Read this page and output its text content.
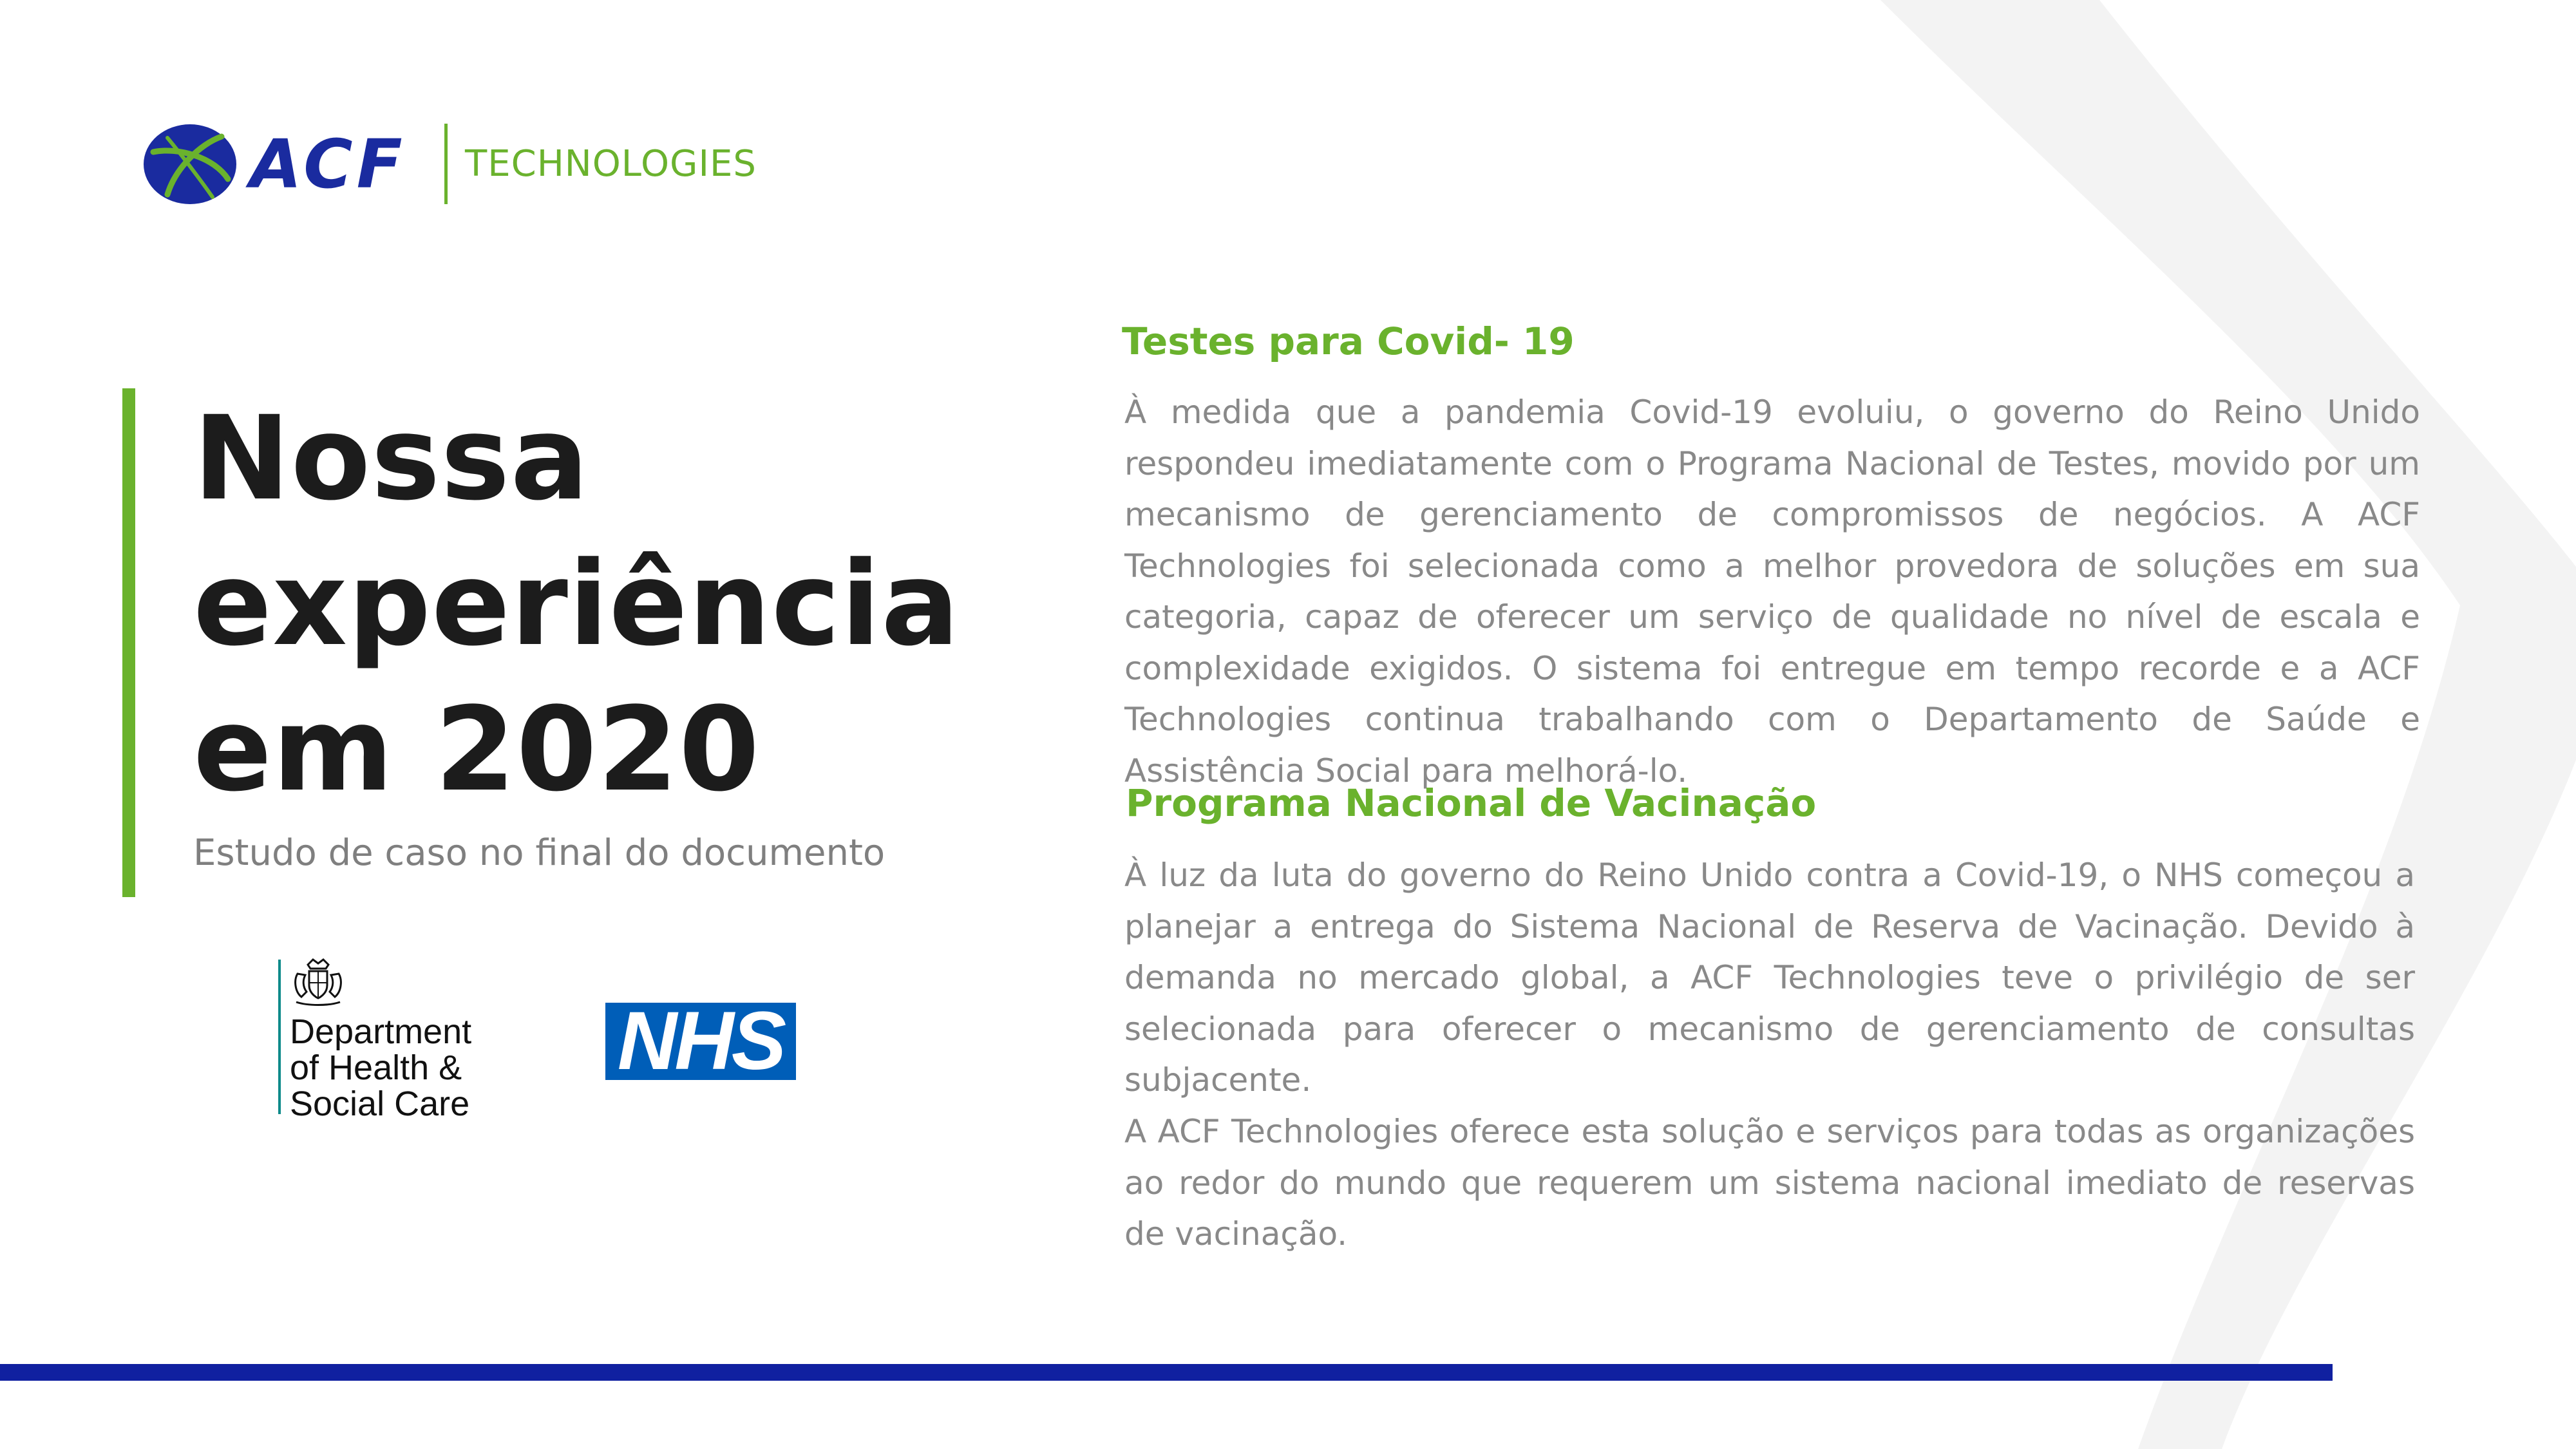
ACF TECHNOLOGIES
Nossa
experiência
em 2020
Estudo de caso no final do documento
Department
of Health &
Social Care
NHS
Testes para Covid- 19

À medida que a pandemia Covid-19 evoluiu, o governo do Reino Unido respondeu imediatamente com o Programa Nacional de Testes, movido por um mecanismo de gerenciamento de compromissos de negócios. A ACF Technologies foi selecionada como a melhor provedora de soluções em sua categoria, capaz de oferecer um serviço de qualidade no nível de escala e complexidade exigidos. O sistema foi entregue em tempo recorde e a ACF Technologies continua trabalhando com o Departamento de Saúde e Assistência Social para melhorá-lo.

Programa Nacional de Vacinação

À luz da luta do governo do Reino Unido contra a Covid-19, o NHS começou a planejar a entrega do Sistema Nacional de Reserva de Vacinação. Devido à demanda no mercado global, a ACF Technologies teve o privilégio de ser selecionada para oferecer o mecanismo de gerenciamento de consultas subjacente.

A ACF Technologies oferece esta solução e serviços para todas as organizações ao redor do mundo que requerem um sistema nacional imediato de reservas de vacinação.
